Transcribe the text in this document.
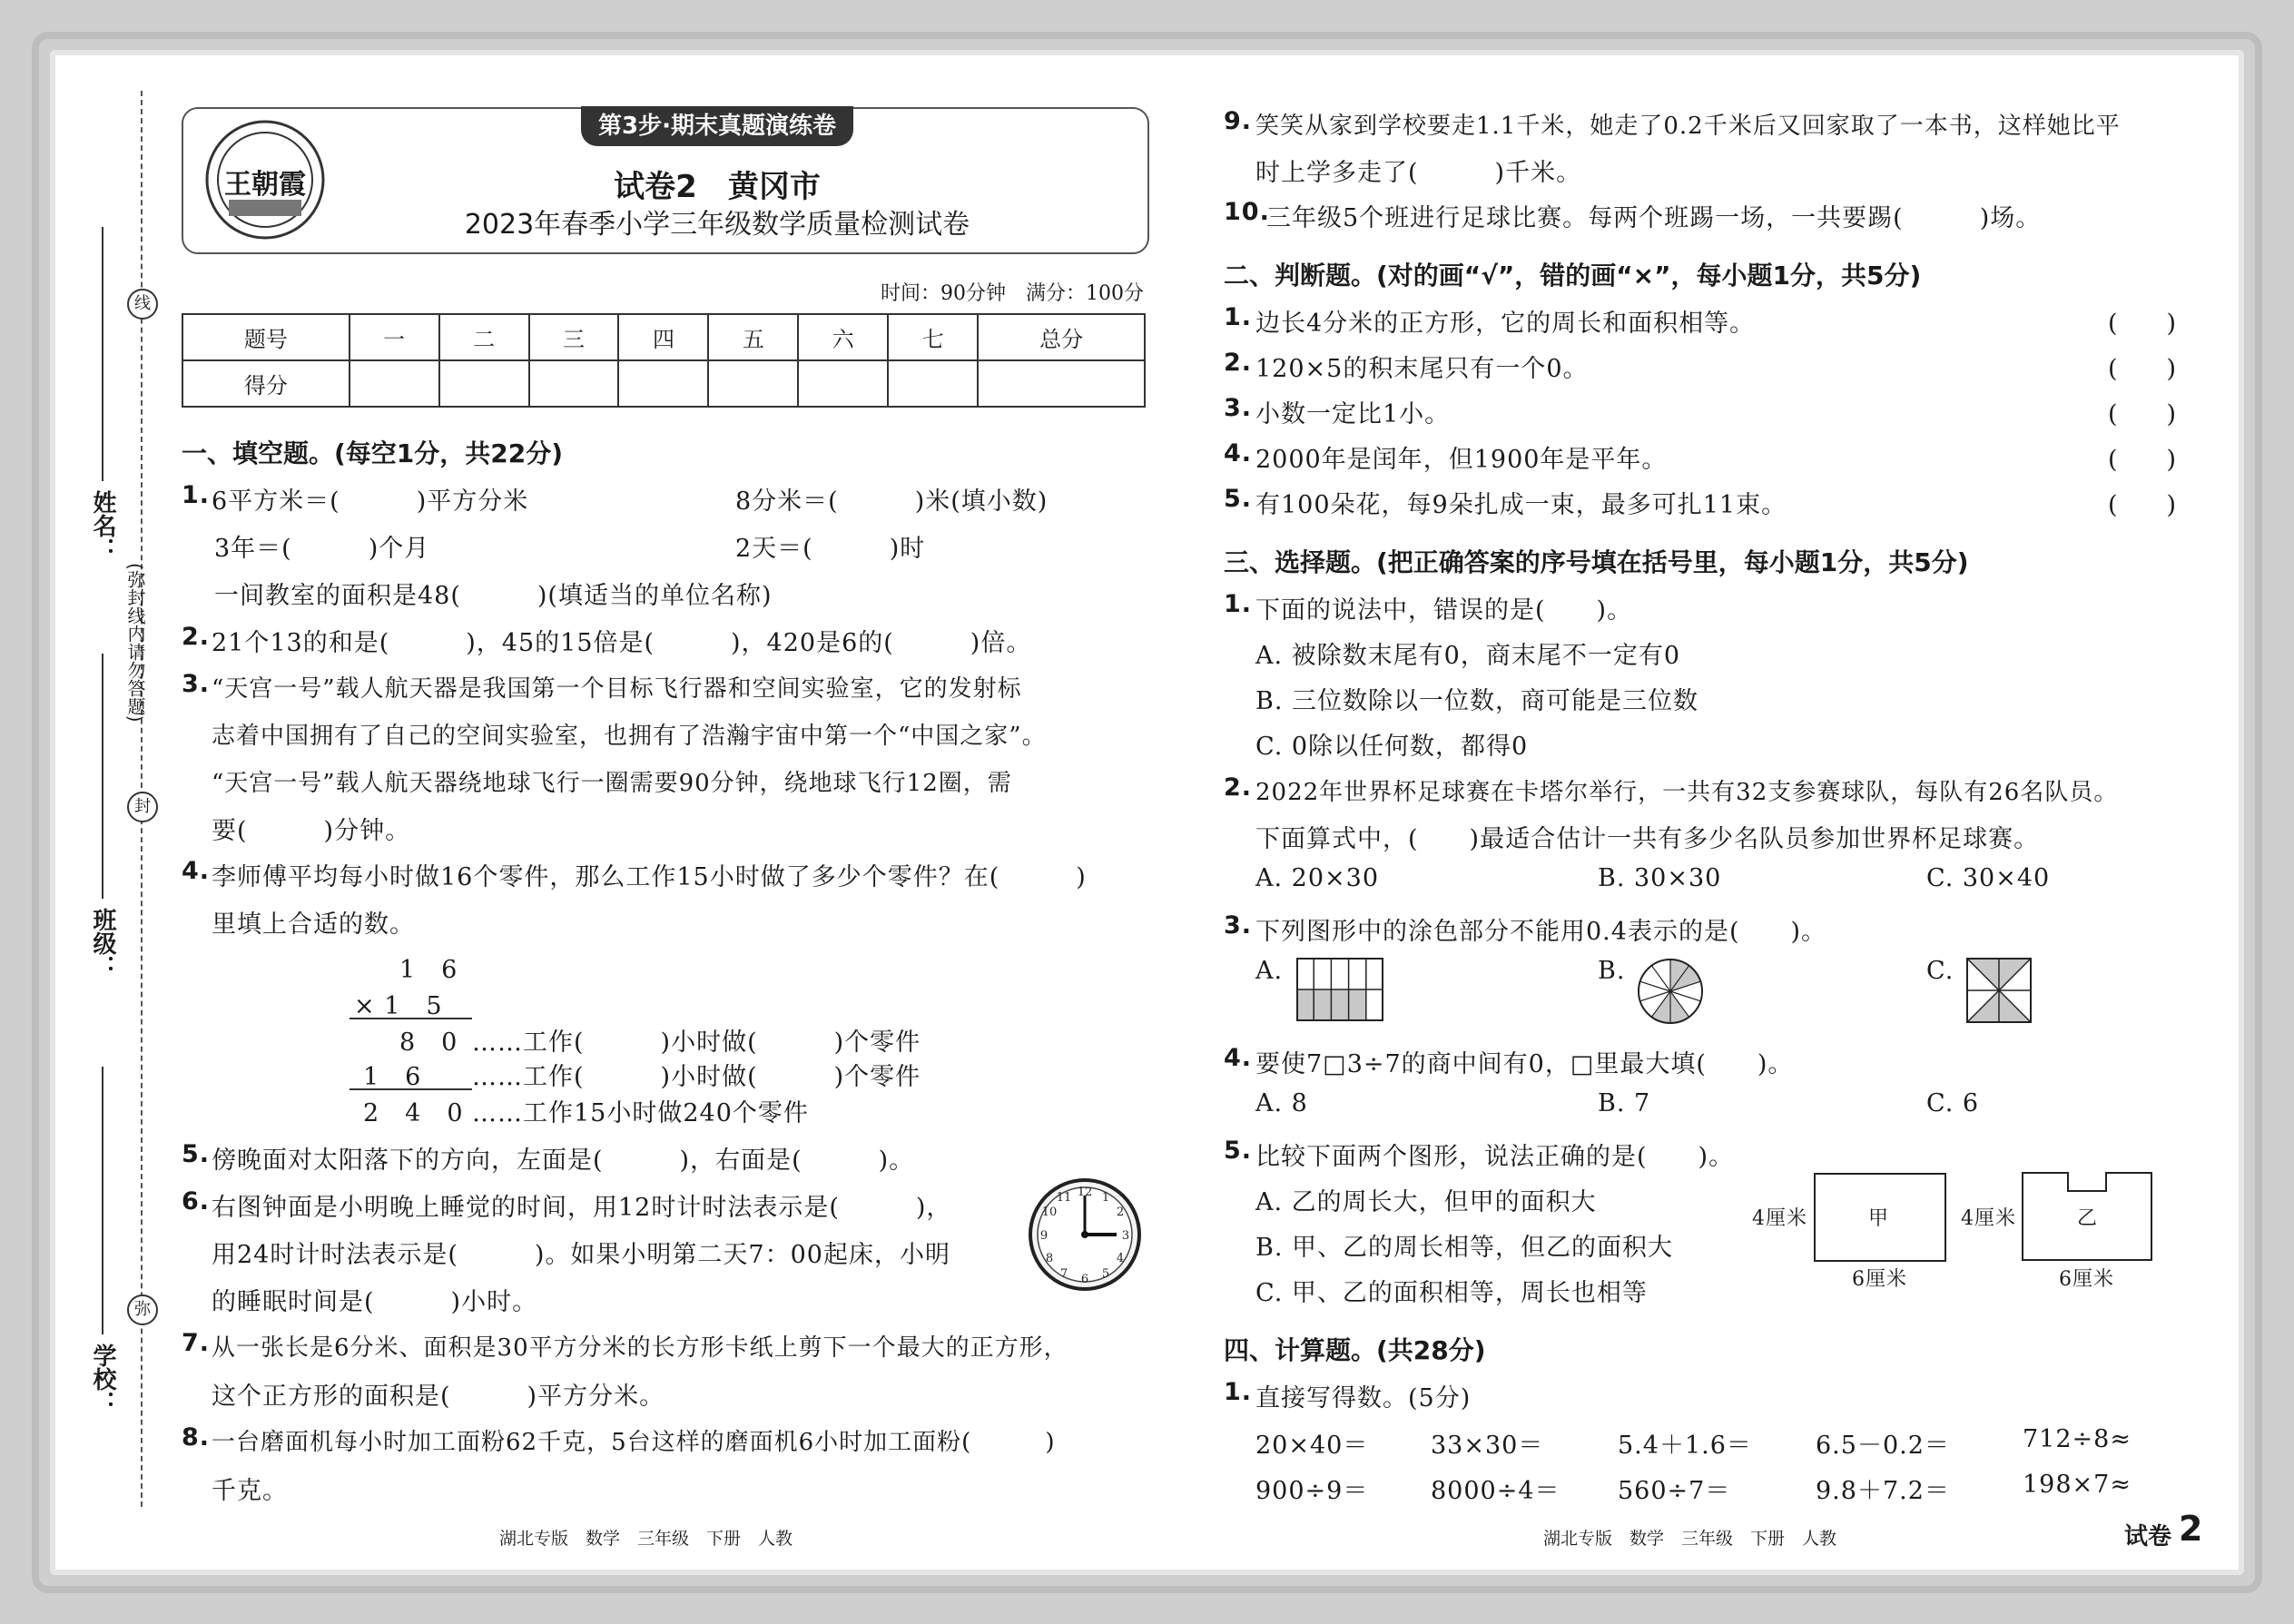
线
封
弥
(弥封线内请勿答题)
姓名：
班级：
学校：
王朝霞
第3步·期末真题演练卷
试卷2　黄冈市
2023年春季小学三年级数学质量检测试卷
时间：90分钟　满分：100分
题号	一	二	三	四	五	六	七	总分
得分								
一、填空题。(每空1分，共22分)
1. 6平方米＝(　　　)平方分米	8分米＝(　　　)米(填小数)
3年＝(　　　)个月	2天＝(　　　)时
一间教室的面积是48(　　　)(填适当的单位名称)
2. 21个13的和是(　　　)，45的15倍是(　　　)，420是6的(　　　)倍。
3. “天宫一号”载人航天器是我国第一个目标飞行器和空间实验室，它的发射标
志着中国拥有了自己的空间实验室，也拥有了浩瀚宇宙中第一个“中国之家”。
“天宫一号”载人航天器绕地球飞行一圈需要90分钟，绕地球飞行12圈，需
要(　　　)分钟。
4. 李师傅平均每小时做16个零件，那么工作15小时做了多少个零件？在(　　　)
里填上合适的数。
1　6
× 1　5
8　0 ……工作(　　　)小时做(　　　)个零件
1　6 ……工作(　　　)小时做(　　　)个零件
2　4　0 ……工作15小时做240个零件
5. 傍晚面对太阳落下的方向，左面是(　　　)，右面是(　　　)。
6. 右图钟面是小明晚上睡觉的时间，用12时计时法表示是(　　　)，
用24时计时法表示是(　　　)。如果小明第二天7：00起床，小明
的睡眠时间是(　　　)小时。
12 1
2
3
4
5
6
7
8
9
10
11
7. 从一张长是6分米、面积是30平方分米的长方形卡纸上剪下一个最大的正方形，
这个正方形的面积是(　　　)平方分米。
8. 一台磨面机每小时加工面粉62千克，5台这样的磨面机6小时加工面粉(　　　)
千克。
湖北专版　数学　三年级　下册　人教
9. 笑笑从家到学校要走1.1千米，她走了0.2千米后又回家取了一本书，这样她比平
时上学多走了(　　　)千米。
10.
三年级5个班进行足球比赛。每两个班踢一场，一共要踢(　　　)场。
二、判断题。(对的画“√”，错的画“×”，每小题1分，共5分)
1. 边长4分米的正方形，它的周长和面积相等。	(　　)
2. 120×5的积末尾只有一个0。	(　　)
3. 小数一定比1小。	(　　)
4. 2000年是闰年，但1900年是平年。	(　　)
5. 有100朵花，每9朵扎成一束，最多可扎11束。	(　　)
三、选择题。(把正确答案的序号填在括号里，每小题1分，共5分)
1. 下面的说法中，错误的是(　　)。
A. 被除数末尾有0，商末尾不一定有0
B. 三位数除以一位数，商可能是三位数
C. 0除以任何数，都得0
2. 2022年世界杯足球赛在卡塔尔举行，一共有32支参赛球队，每队有26名队员。
下面算式中，(　　)最适合估计一共有多少名队员参加世界杯足球赛。
A. 20×30	B. 30×30	C. 30×40
3. 下列图形中的涂色部分不能用0.4表示的是(　　)。
A.	B.	C.
4. 要使7□3÷7的商中间有0，□里最大填(　　)。
A. 8	B. 7	C. 6
5. 比较下面两个图形，说法正确的是(　　)。
A. 乙的周长大，但甲的面积大
B. 甲、乙的周长相等，但乙的面积大
C. 甲、乙的面积相等，周长也相等
4厘米	甲
6厘米
4厘米	乙
6厘米
四、计算题。(共28分)
1. 直接写得数。(5分)
20×40＝	33×30＝	5.4＋1.6＝	6.5－0.2＝	712÷8≈
900÷9＝	8000÷4＝ 560÷7＝	9.8＋7.2＝	198×7≈
湖北专版　数学　三年级　下册　人教	试卷 2
